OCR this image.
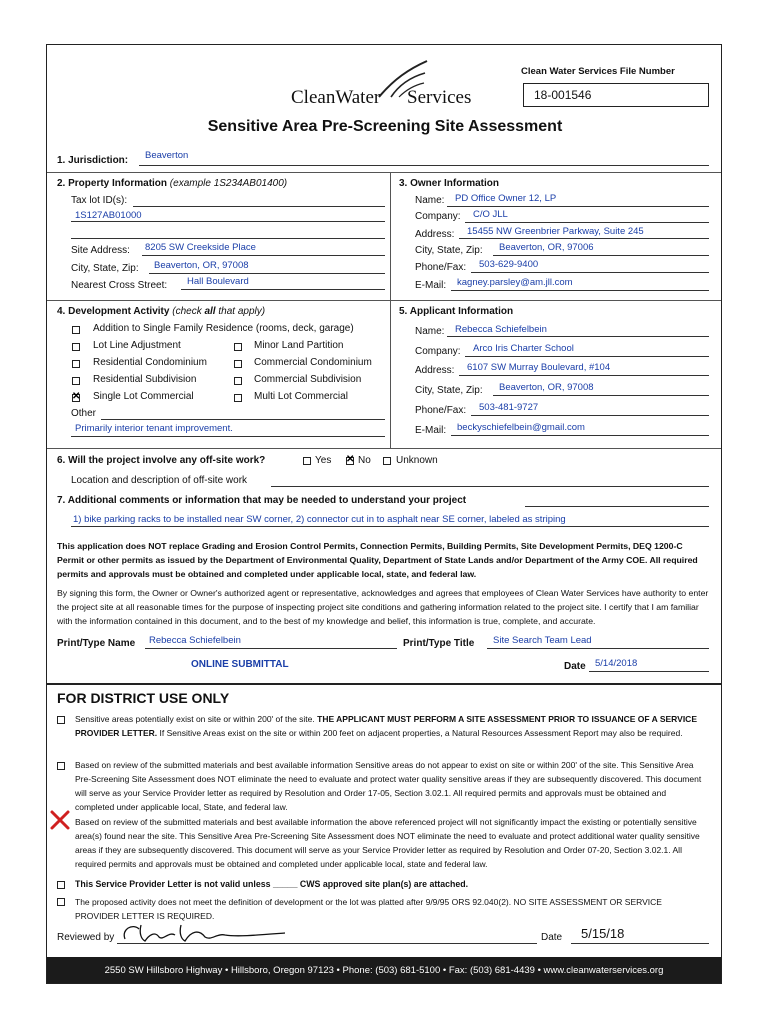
Clean Water Services File Number
18-001546
CleanWater Services
Sensitive Area Pre-Screening Site Assessment
1. Jurisdiction: Beaverton
2. Property Information (example 1S234AB01400)
Tax lot ID(s):
1S127AB01000
Site Address: 8205 SW Creekside Place
City, State, Zip: Beaverton, OR, 97008
Nearest Cross Street: Hall Boulevard
3. Owner Information
Name: PD Office Owner 12, LP
Company: C/O JLL
Address: 15455 NW Greenbrier Parkway, Suite 245
City, State, Zip: Beaverton, OR, 97006
Phone/Fax: 503-629-9400
E-Mail: kagney.parsley@am.jll.com
4. Development Activity (check all that apply)
Addition to Single Family Residence (rooms, deck, garage)
Lot Line Adjustment	Minor Land Partition
Residential Condominium	Commercial Condominium
Residential Subdivision	Commercial Subdivision
✕
Single Lot Commercial	Multi Lot Commercial
Other
Primarily interior tenant improvement.
5. Applicant Information
Name: Rebecca Schiefelbein
Company: Arco Iris Charter School
Address: 6107 SW Murray Boulevard, #104
City, State, Zip: Beaverton, OR, 97008
Phone/Fax: 503-481-9727
E-Mail: beckyschiefelbein@gmail.com
6. Will the project involve any off-site work?	Yes
✕	No	Unknown
Location and description of off-site work
7. Additional comments or information that may be needed to understand your project
1) bike parking racks to be installed near SW corner, 2) connector cut in to asphalt near SE corner, labeled as striping
This application does NOT replace Grading and Erosion Control Permits, Connection Permits, Building Permits, Site Development Permits, DEQ 1200-C Permit or other permits as issued by the Department of Environmental Quality, Department of State Lands and/or Department of the Army COE. All required permits and approvals must be obtained and completed under applicable local, state, and federal law.
By signing this form, the Owner or Owner's authorized agent or representative, acknowledges and agrees that employees of Clean Water Services have authority to enter the project site at all reasonable times for the purpose of inspecting project site conditions and gathering information related to the project site. I certify that I am familiar with the information contained in this document, and to the best of my knowledge and belief, this information is true, complete, and accurate.
Print/Type Name Rebecca Schiefelbein	Print/Type Title Site Search Team Lead
ONLINE SUBMITTAL	Date 5/14/2018
FOR DISTRICT USE ONLY
Sensitive areas potentially exist on site or within 200' of the site. THE APPLICANT MUST PERFORM A SITE ASSESSMENT PRIOR TO ISSUANCE OF A SERVICE PROVIDER LETTER. If Sensitive Areas exist on the site or within 200 feet on adjacent properties, a Natural Resources Assessment Report may also be required.
Based on review of the submitted materials and best available information Sensitive areas do not appear to exist on site or within 200' of the site. This Sensitive Area Pre-Screening Site Assessment does NOT eliminate the need to evaluate and protect water quality sensitive areas if they are subsequently discovered. This document will serve as your Service Provider letter as required by Resolution and Order 17-05, Section 3.02.1. All required permits and approvals must be obtained and completed under applicable local, State, and federal law.
Based on review of the submitted materials and best available information the above referenced project will not significantly impact the existing or potentially sensitive area(s) found near the site. This Sensitive Area Pre-Screening Site Assessment does NOT eliminate the need to evaluate and protect additional water quality sensitive areas if they are subsequently discovered. This document will serve as your Service Provider letter as required by Resolution and Order 07-20, Section 3.02.1. All required permits and approvals must be obtained and completed under applicable local, state and federal law.
This Service Provider Letter is not valid unless _____ CWS approved site plan(s) are attached.
The proposed activity does not meet the definition of development or the lot was platted after 9/9/95 ORS 92.040(2). NO SITE ASSESSMENT OR SERVICE PROVIDER LETTER IS REQUIRED.
Reviewed by	Date 5/15/18
2550 SW Hillsboro Highway • Hillsboro, Oregon 97123 • Phone: (503) 681-5100 • Fax: (503) 681-4439 • www.cleanwaterservices.org
